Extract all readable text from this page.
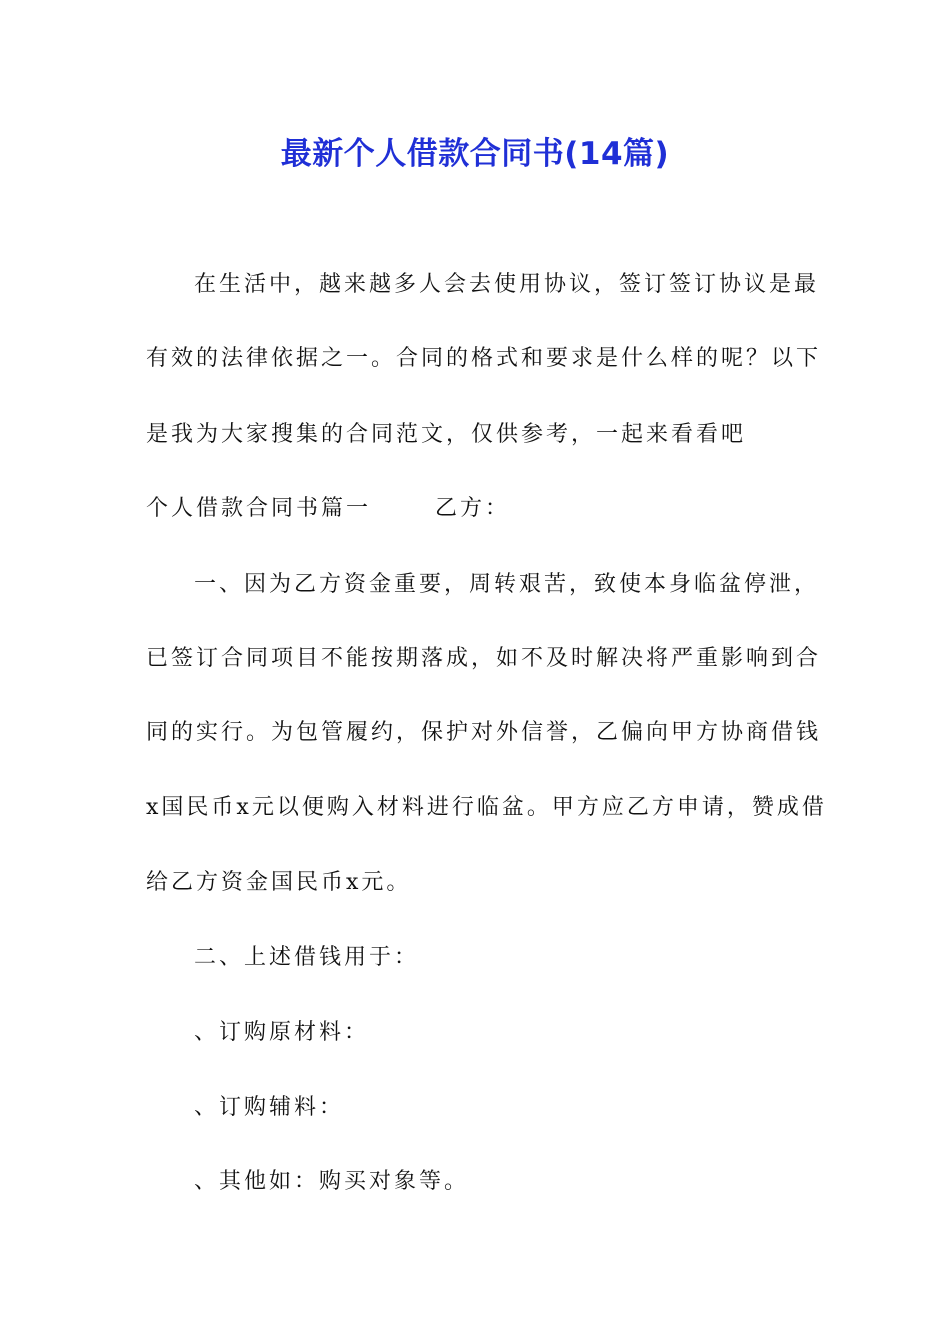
最新个人借款合同书(14篇)
在生活中，越来越多人会去使用协议，签订签订协议是最
有效的法律依据之一。合同的格式和要求是什么样的呢？以下
是我为大家搜集的合同范文，仅供参考，一起来看看吧
个人借款合同书篇一	乙方：
一、因为乙方资金重要，周转艰苦，致使本身临盆停泄，
已签订合同项目不能按期落成，如不及时解决将严重影响到合
同的实行。为包管履约，保护对外信誉，乙偏向甲方协商借钱
x国民币x元以便购入材料进行临盆。甲方应乙方申请，赞成借
给乙方资金国民币x元。
二、上述借钱用于：
、订购原材料：
、订购辅料：
、其他如：购买对象等。
